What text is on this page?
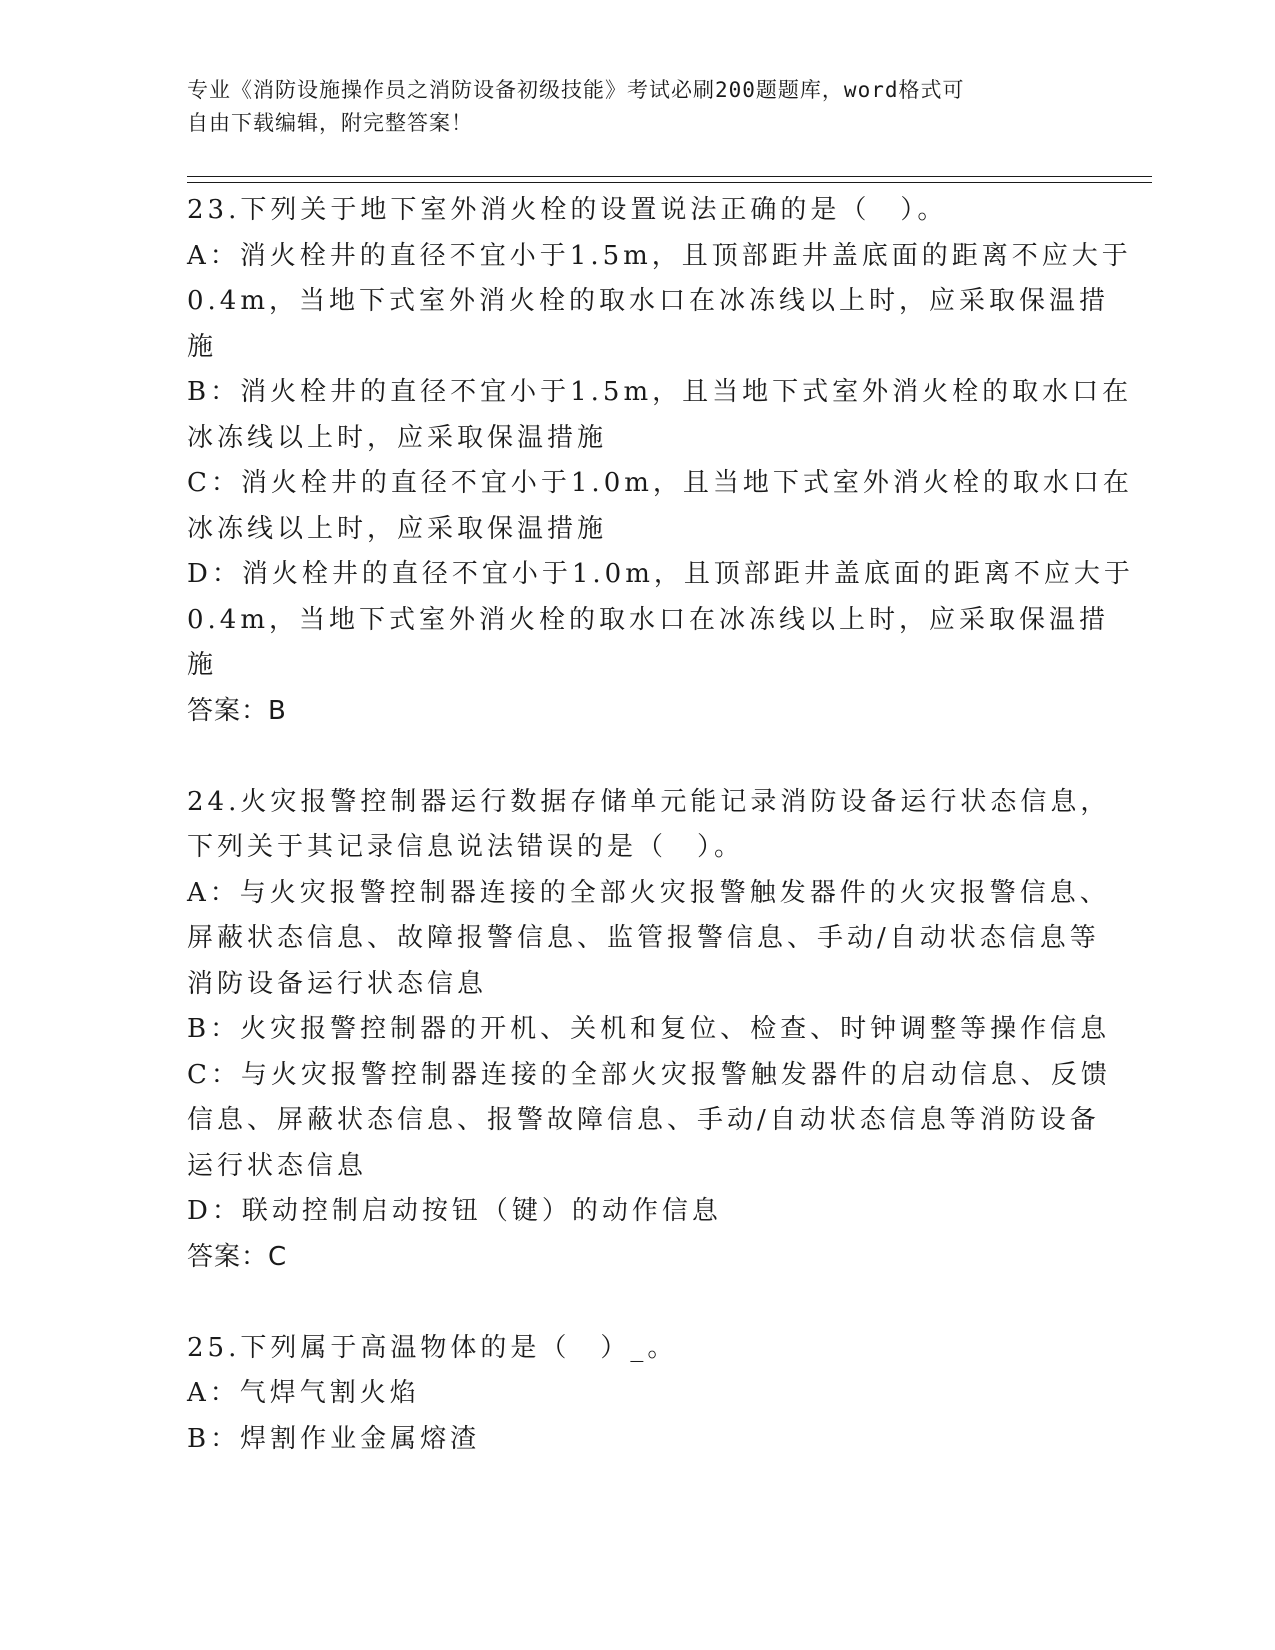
专业《消防设施操作员之消防设备初级技能》考试必刷200题题库，word格式可
自由下载编辑，附完整答案！
23.下列关于地下室外消火栓的设置说法正确的是（　）。
A：消火栓井的直径不宜小于1.5m，且顶部距井盖底面的距离不应大于
0.4m，当地下式室外消火栓的取水口在冰冻线以上时，应采取保温措
施
B：消火栓井的直径不宜小于1.5m，且当地下式室外消火栓的取水口在
冰冻线以上时，应采取保温措施
C：消火栓井的直径不宜小于1.0m，且当地下式室外消火栓的取水口在
冰冻线以上时，应采取保温措施
D：消火栓井的直径不宜小于1.0m，且顶部距井盖底面的距离不应大于
0.4m，当地下式室外消火栓的取水口在冰冻线以上时，应采取保温措
施
答案：B
24.火灾报警控制器运行数据存储单元能记录消防设备运行状态信息，
下列关于其记录信息说法错误的是（　）。
A：与火灾报警控制器连接的全部火灾报警触发器件的火灾报警信息、
屏蔽状态信息、故障报警信息、监管报警信息、手动/自动状态信息等
消防设备运行状态信息
B：火灾报警控制器的开机、关机和复位、检查、时钟调整等操作信息
C：与火灾报警控制器连接的全部火灾报警触发器件的启动信息、反馈
信息、屏蔽状态信息、报警故障信息、手动/自动状态信息等消防设备
运行状态信息
D：联动控制启动按钮（键）的动作信息
答案：C
25.下列属于高温物体的是（　）_。
A：气焊气割火焰
B：焊割作业金属熔渣
